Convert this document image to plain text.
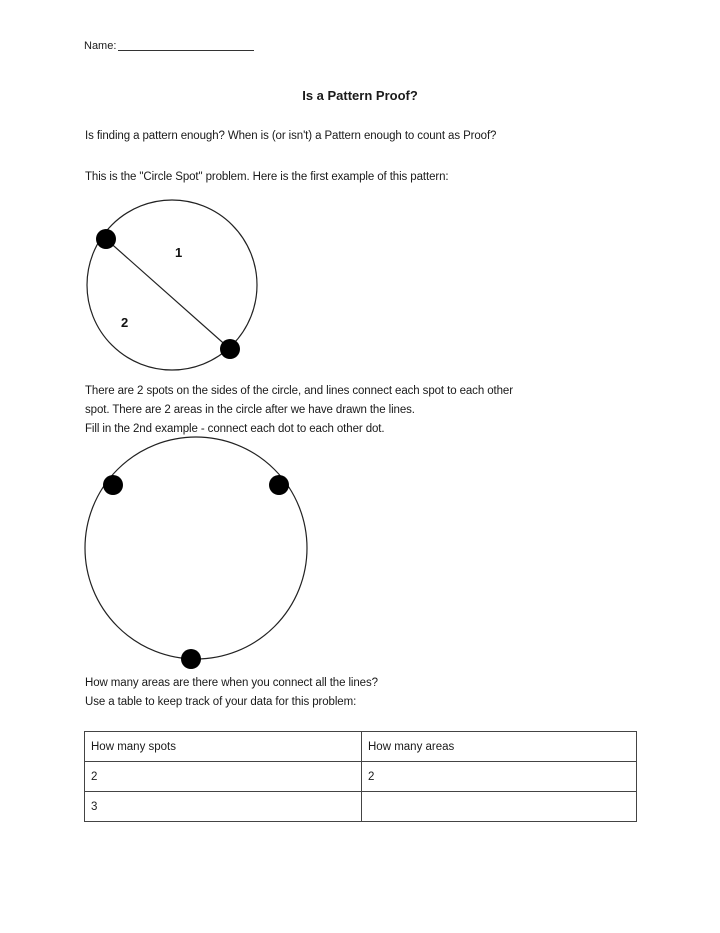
Name:
Is a Pattern Proof?
Is finding a pattern enough? When is (or isn't) a Pattern enough to count as Proof?
This is the "Circle Spot" problem. Here is the first example of this pattern:
1
2
There are 2 spots on the sides of the circle, and lines connect each spot to each other
spot. There are 2 areas in the circle after we have drawn the lines.
Fill in the 2nd example - connect each dot to each other dot.
How many areas are there when you connect all the lines?
Use a table to keep track of your data for this problem:
How many spots	How many areas
2	2
3	
